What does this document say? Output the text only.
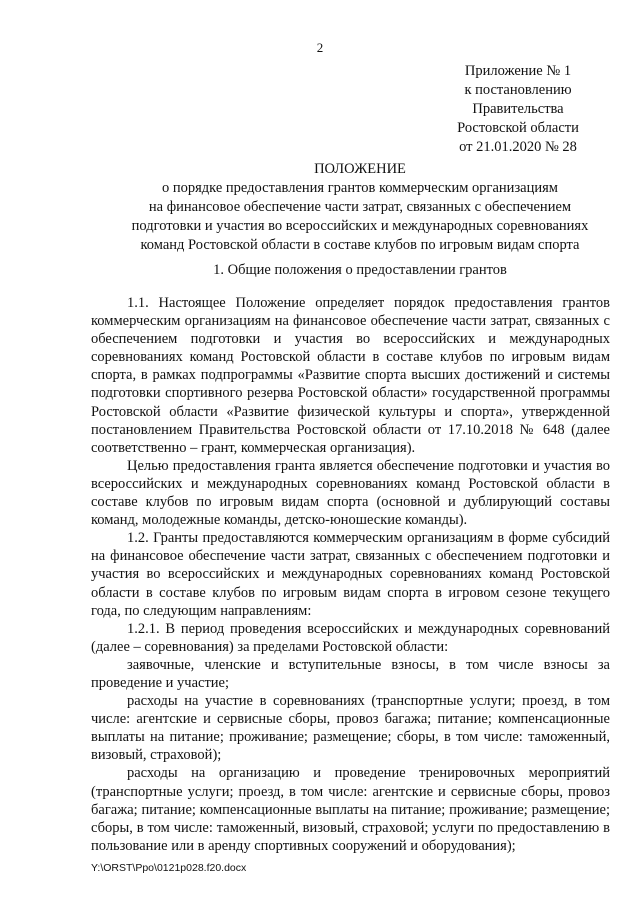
2
Приложение № 1
к постановлению
Правительства
Ростовской области
от 21.01.2020 № 28
ПОЛОЖЕНИЕ
о порядке предоставления грантов коммерческим организациям
на финансовое обеспечение части затрат, связанных с обеспечением
подготовки и участия во всероссийских и международных соревнованиях
команд Ростовской области в составе клубов по игровым видам спорта
1. Общие положения о предоставлении грантов

1.1. Настоящее Положение определяет порядок предоставления грантов коммерческим организациям на финансовое обеспечение части затрат, связанных с обеспечением подготовки и участия во всероссийских и международных соревнованиях команд Ростовской области в составе клубов по игровым видам спорта, в рамках подпрограммы «Развитие спорта высших достижений и системы подготовки спортивного резерва Ростовской области» государственной программы Ростовской области «Развитие физической культуры и спорта», утвержденной постановлением Правительства Ростовской области от 17.10.2018 № 648 (далее соответственно – грант, коммерческая организация).

Целью предоставления гранта является обеспечение подготовки и участия во всероссийских и международных соревнованиях команд Ростовской области в составе клубов по игровым видам спорта (основной и дублирующий составы команд, молодежные команды, детско-юношеские команды).

1.2. Гранты предоставляются коммерческим организациям в форме субсидий на финансовое обеспечение части затрат, связанных с обеспечением подготовки и участия во всероссийских и международных соревнованиях команд Ростовской области в составе клубов по игровым видам спорта в игровом сезоне текущего года, по следующим направлениям:

1.2.1. В период проведения всероссийских и международных соревнований (далее – соревнования) за пределами Ростовской области:

заявочные, членские и вступительные взносы, в том числе взносы за проведение и участие;

расходы на участие в соревнованиях (транспортные услуги; проезд, в том числе: агентские и сервисные сборы, провоз багажа; питание; компенсационные выплаты на питание; проживание; размещение; сборы, в том числе: таможенный, визовый, страховой);

расходы на организацию и проведение тренировочных мероприятий (транспортные услуги; проезд, в том числе: агентские и сервисные сборы, провоз багажа; питание; компенсационные выплаты на питание; проживание; размещение; сборы, в том числе: таможенный, визовый, страховой; услуги по предоставлению в пользование или в аренду спортивных сооружений и оборудования);

Y:\ORST\Ppo\0121p028.f20.docx
